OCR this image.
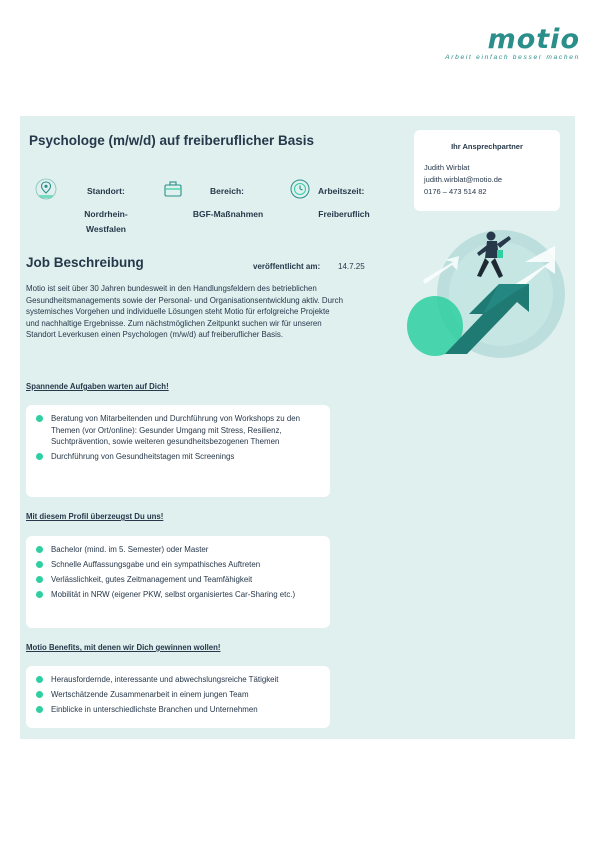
motio
Arbeit einfach besser machen
Psychologe (m/w/d) auf freiberuflicher Basis
Standort:
Nordrhein-Westfalen
Bereich:
BGF-Maßnahmen
Arbeitszeit:
Freiberuflich
Ihr Ansprechpartner
Judith Wirblat
judith.wirblat@motio.de
0176 – 473 514 82
Job Beschreibung	veröffentlicht am: 14.7.25
Motio ist seit über 30 Jahren bundesweit in den Handlungsfeldern des betrieblichen Gesundheitsmanagements sowie der Personal- und Organisationsentwicklung aktiv. Durch systemisches Vorgehen und individuelle Lösungen steht Motio für erfolgreiche Projekte und nachhaltige Ergebnisse. Zum nächstmöglichen Zeitpunkt suchen wir für unseren Standort Leverkusen einen Psychologen (m/w/d) auf freiberuflicher Basis.
Spannende Aufgaben warten auf Dich!
Beratung von Mitarbeitenden und Durchführung von Workshops zu den Themen (vor Ort/online): Gesunder Umgang mit Stress, Resilienz, Suchtprävention, sowie weiteren gesundheitsbezogenen Themen
Durchführung von Gesundheitstagen mit Screenings
Mit diesem Profil überzeugst Du uns!
Bachelor (mind. im 5. Semester) oder Master
Schnelle Auffassungsgabe und ein sympathisches Auftreten
Verlässlichkeit, gutes Zeitmanagement und Teamfähigkeit
Mobilität in NRW (eigener PKW, selbst organisiertes Car-Sharing etc.)
Motio Benefits, mit denen wir Dich gewinnen wollen!
Herausfordernde, interessante und abwechslungsreiche Tätigkeit
Wertschätzende Zusammenarbeit in einem jungen Team
Einblicke in unterschiedlichste Branchen und Unternehmen
